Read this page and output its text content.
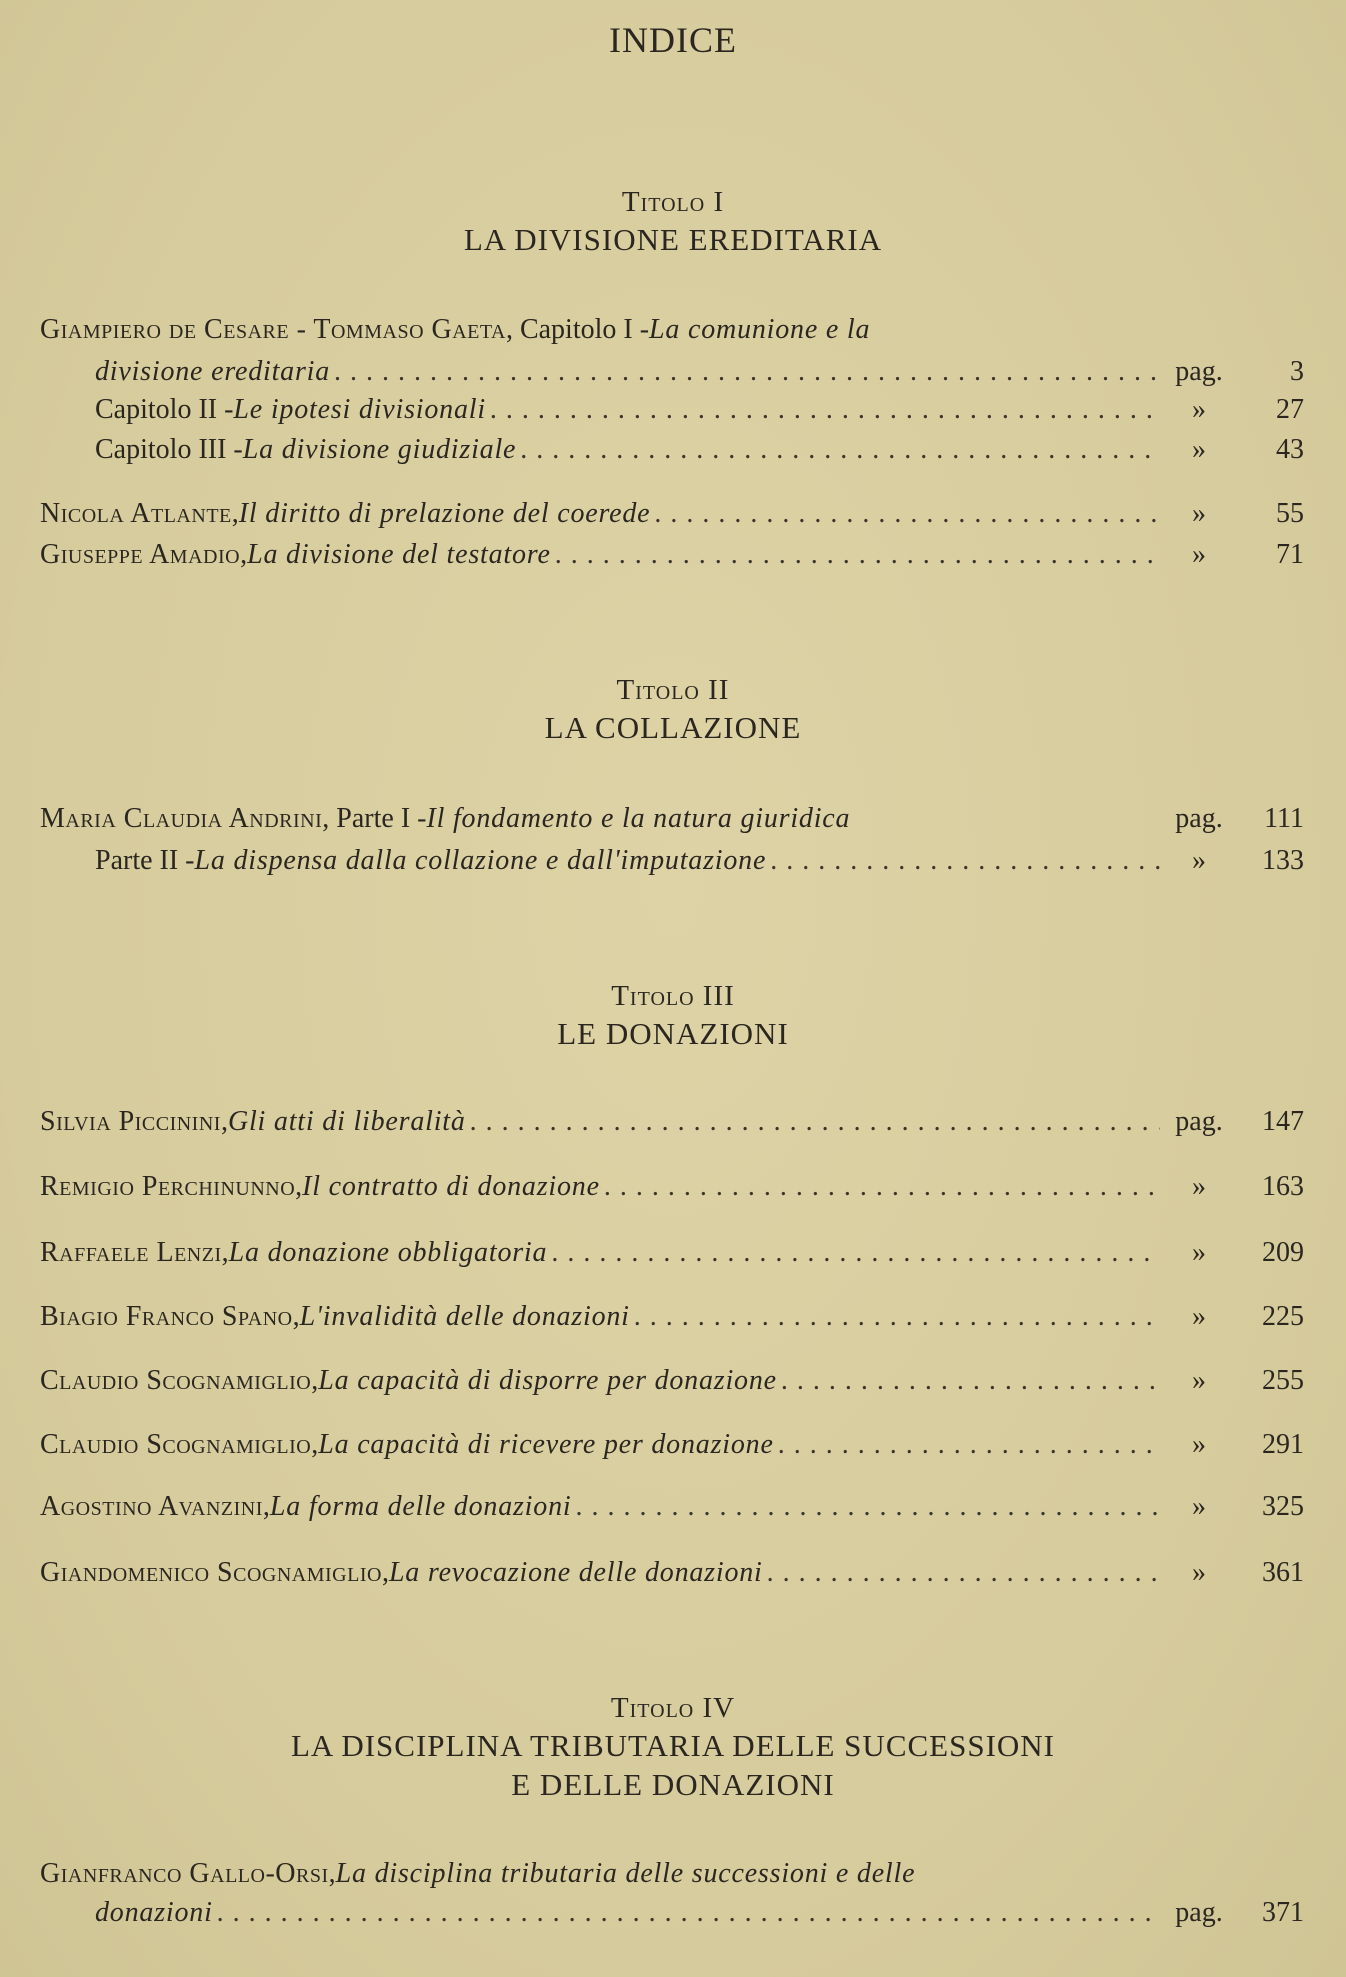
INDICE
Titolo I
LA DIVISIONE EREDITARIA
Giampiero de Cesare - Tommaso Gaeta , Capitolo I - La comunione e la
divisione ereditaria . . .	pag.	3
Capitolo II - Le ipotesi divisionali . . .	»	27
Capitolo III - La divisione giudiziale . . .	»	43
Nicola Atlante , Il diritto di prelazione del coerede . . .	»	55
Giuseppe Amadio , La divisione del testatore . . .	»	71
Titolo II
LA COLLAZIONE
Maria Claudia Andrini , Parte I - Il fondamento e la natura giuridica	pag.	111
Parte II - La dispensa dalla collazione e dall'imputazione . . .	»	133
Titolo III
LE DONAZIONI
Silvia Piccinini , Gli atti di liberalità . . .	pag.	147
Remigio Perchinunno , Il contratto di donazione . . .	»	163
Raffaele Lenzi , La donazione obbligatoria . . .	»	209
Biagio Franco Spano , L'invalidità delle donazioni . . .	»	225
Claudio Scognamiglio , La capacità di disporre per donazione . . .	»	255
Claudio Scognamiglio , La capacità di ricevere per donazione . . .	»	291
Agostino Avanzini , La forma delle donazioni . . .	»	325
Giandomenico Scognamiglio , La revocazione delle donazioni . . .	»	361
Titolo IV
LA DISCIPLINA TRIBUTARIA DELLE SUCCESSIONI
E DELLE DONAZIONI
Gianfranco Gallo-Orsi , La disciplina tributaria delle successioni e delle
donazioni . . .	pag.	371
